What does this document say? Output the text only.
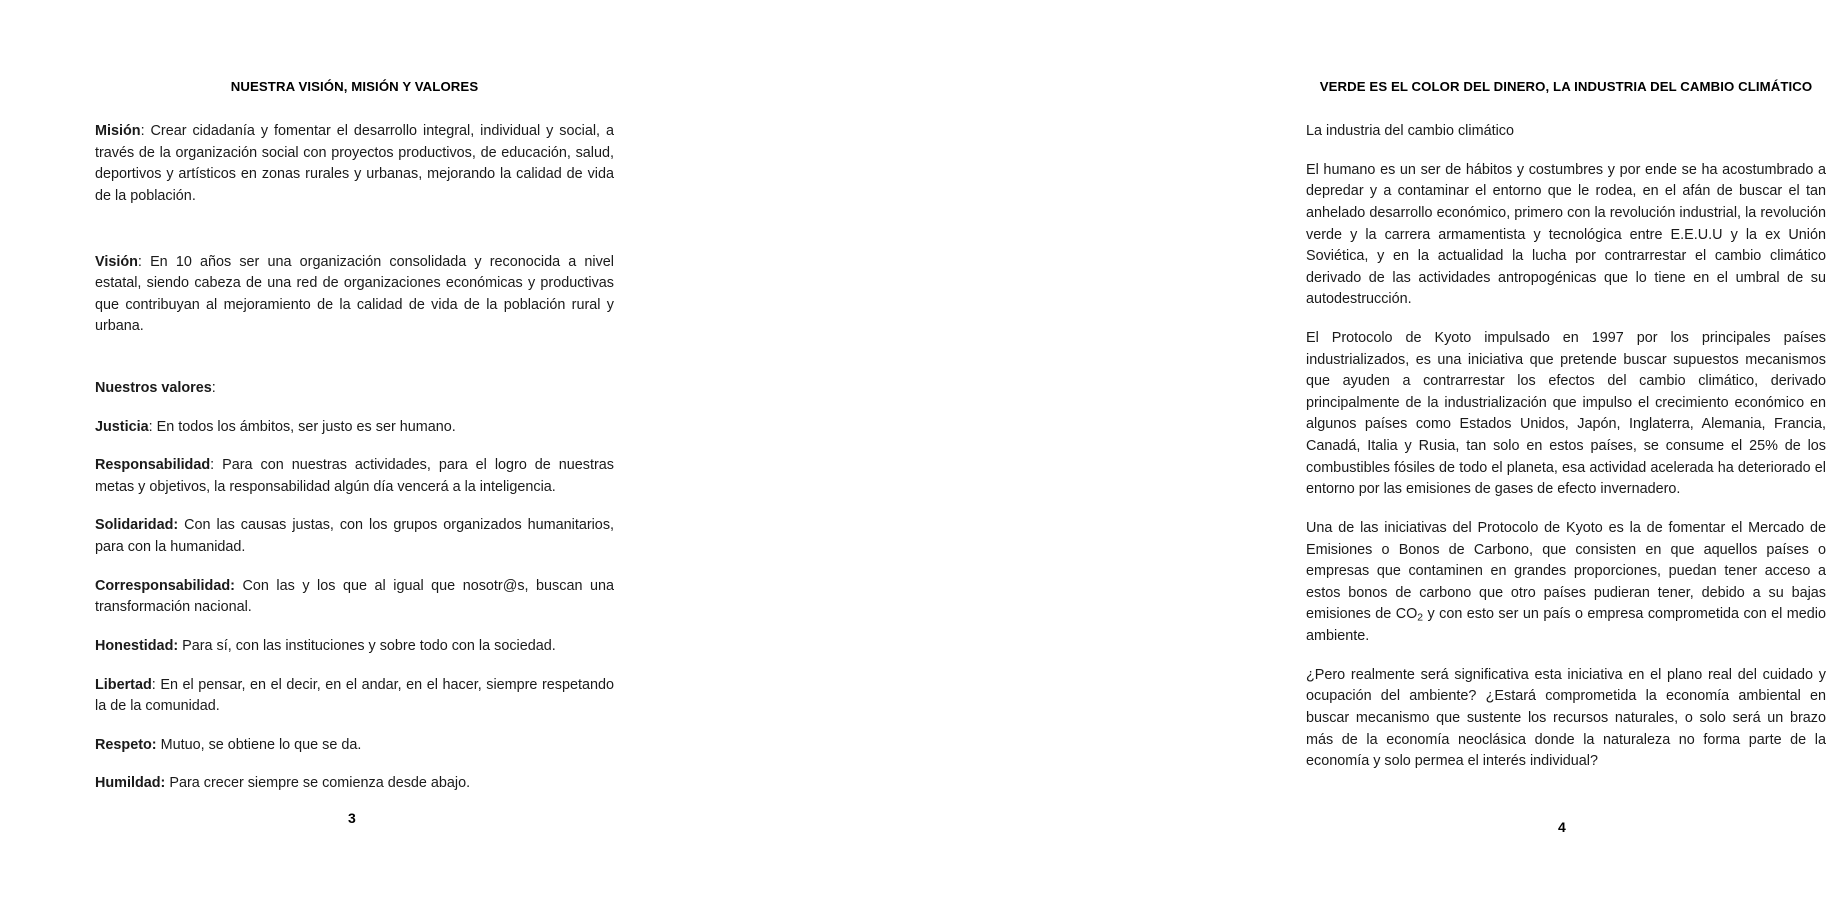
NUESTRA VISIÓN, MISIÓN Y VALORES

Misión: Crear cidadanía y fomentar el desarrollo integral, individual y social, a través de la organización social con proyectos productivos, de educación, salud, deportivos y artísticos en zonas rurales y urbanas, mejorando la calidad de vida de la población.

Visión: En 10 años ser una organización consolidada y reconocida a nivel estatal, siendo cabeza de una red de organizaciones económicas y productivas que contribuyan al mejoramiento de la calidad de vida de la población rural y urbana.

Nuestros valores:

Justicia: En todos los ámbitos, ser justo es ser humano.

Responsabilidad: Para con nuestras actividades, para el logro de nuestras metas y objetivos, la responsabilidad algún día vencerá a la inteligencia.

Solidaridad: Con las causas justas, con los grupos organizados humanitarios, para con la humanidad.

Corresponsabilidad: Con las y los que al igual que nosotr@s, buscan una transformación nacional.

Honestidad: Para sí, con las instituciones y sobre todo con la sociedad.

Libertad: En el pensar, en el decir, en el andar, en el hacer, siempre respetando la de la comunidad.

Respeto: Mutuo, se obtiene lo que se da.

Humildad: Para crecer siempre se comienza desde abajo.

3
VERDE ES EL COLOR DEL DINERO, LA INDUSTRIA DEL CAMBIO CLIMÁTICO

La industria del cambio climático

El humano es un ser de hábitos y costumbres y por ende se ha acostumbrado a depredar y a contaminar el entorno que le rodea, en el afán de buscar el tan anhelado desarrollo económico, primero con la revolución industrial, la revolución verde y la carrera armamentista y tecnológica entre E.E.U.U y la ex Unión Soviética, y en la actualidad la lucha por contrarrestar el cambio climático derivado de las actividades antropogénicas que lo tiene en el umbral de su autodestrucción.

El Protocolo de Kyoto impulsado en 1997 por los principales países industrializados, es una iniciativa que pretende buscar supuestos mecanismos que ayuden a contrarrestar los efectos del cambio climático, derivado principalmente de la industrialización que impulso el crecimiento económico en algunos países como Estados Unidos, Japón, Inglaterra, Alemania, Francia, Canadá, Italia y Rusia, tan solo en estos países, se consume el 25% de los combustibles fósiles de todo el planeta, esa actividad acelerada ha deteriorado el entorno por las emisiones de gases de efecto invernadero.

Una de las iniciativas del Protocolo de Kyoto es la de fomentar el Mercado de Emisiones o Bonos de Carbono, que consisten en que aquellos países o empresas que contaminen en grandes proporciones, puedan tener acceso a estos bonos de carbono que otro países pudieran tener, debido a su bajas emisiones de $CO_2$ y con esto ser un país o empresa comprometida con el medio ambiente.

¿Pero realmente será significativa esta iniciativa en el plano real del cuidado y ocupación del ambiente? ¿Estará comprometida la economía ambiental en buscar mecanismo que sustente los recursos naturales, o solo será un brazo más de la economía neoclásica donde la naturaleza no forma parte de la economía y solo permea el interés individual?

4
